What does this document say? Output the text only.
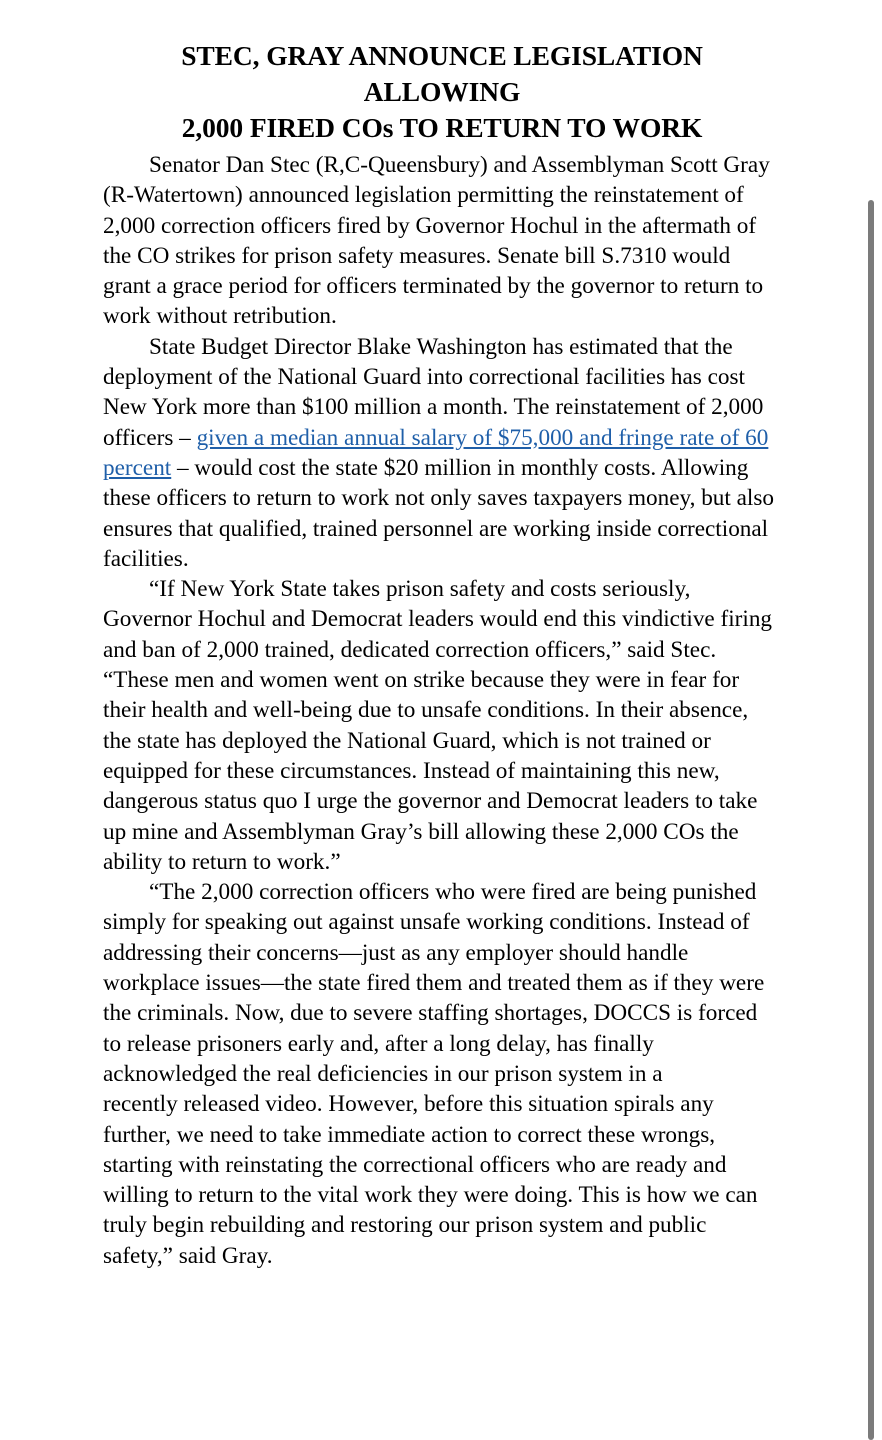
STEC, GRAY ANNOUNCE LEGISLATION
ALLOWING
2,000 FIRED COs TO RETURN TO WORK

Senator Dan Stec (R,C-Queensbury) and Assemblyman Scott Gray (R-Watertown) announced legislation permitting the reinstatement of 2,000 correction officers fired by Governor Hochul in the aftermath of the CO strikes for prison safety measures. Senate bill S.7310 would grant a grace period for officers terminated by the governor to return to work without retribution.

State Budget Director Blake Washington has estimated that the deployment of the National Guard into correctional facilities has cost New York more than $100 million a month. The reinstatement of 2,000 officers – given a median annual salary of $75,000 and fringe rate of 60 percent – would cost the state $20 million in monthly costs. Allowing these officers to return to work not only saves taxpayers money, but also ensures that qualified, trained personnel are working inside correctional facilities.

“If New York State takes prison safety and costs seriously, Governor Hochul and Democrat leaders would end this vindictive firing and ban of 2,000 trained, dedicated correction officers,” said Stec. “These men and women went on strike because they were in fear for their health and well-being due to unsafe conditions. In their absence, the state has deployed the National Guard, which is not trained or equipped for these circumstances. Instead of maintaining this new, dangerous status quo I urge the governor and Democrat leaders to take up mine and Assemblyman Gray’s bill allowing these 2,000 COs the ability to return to work.”

“The 2,000 correction officers who were fired are being punished simply for speaking out against unsafe working conditions. Instead of addressing their concerns—just as any employer should handle workplace issues—the state fired them and treated them as if they were the criminals. Now, due to severe staffing shortages, DOCCS is forced to release prisoners early and, after a long delay, has finally acknowledged the real deficiencies in our prison system in a
recently released video. However, before this situation spirals any further, we need to take immediate action to correct these wrongs, starting with reinstating the correctional officers who are ready and willing to return to the vital work they were doing. This is how we can truly begin rebuilding and restoring our prison system and public safety,” said Gray.
